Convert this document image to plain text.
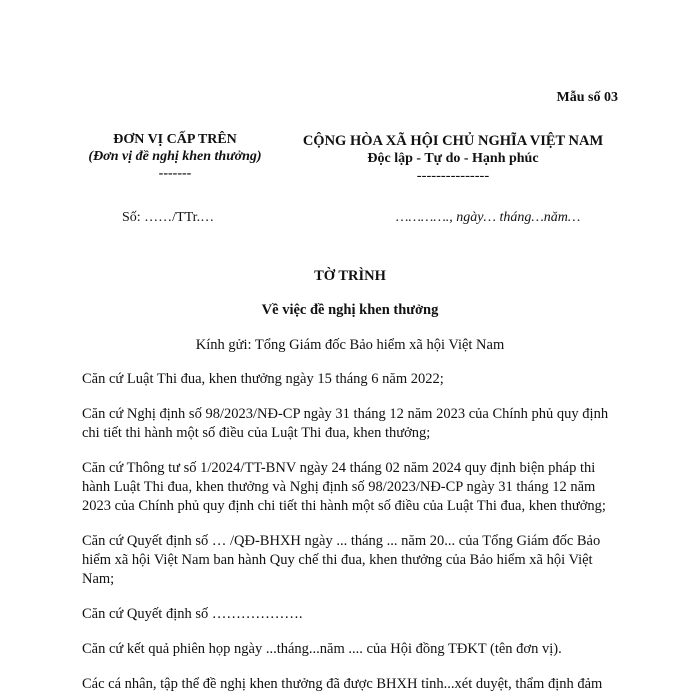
Mẫu số 03
ĐƠN VỊ CẤP TRÊN
(Đơn vị đề nghị khen thưởng)
-------
CỘNG HÒA XÃ HỘI CHỦ NGHĨA VIỆT NAM
Độc lập - Tự do - Hạnh phúc
---------------
Số: ……/TTr.…	…………., ngày… tháng…năm…
TỜ TRÌNH
Về việc đề nghị khen thưởng
Kính gửi: Tổng Giám đốc Bảo hiểm xã hội Việt Nam

Căn cứ Luật Thi đua, khen thưởng ngày 15 tháng 6 năm 2022;

Căn cứ Nghị định số 98/2023/NĐ-CP ngày 31 tháng 12 năm 2023 của Chính phủ quy định chi tiết thi hành một số điều của Luật Thi đua, khen thưởng;

Căn cứ Thông tư số 1/2024/TT-BNV ngày 24 tháng 02 năm 2024 quy định biện pháp thi hành Luật Thi đua, khen thưởng và Nghị định số 98/2023/NĐ-CP ngày 31 tháng 12 năm 2023 của Chính phủ quy định chi tiết thi hành một số điều của Luật Thi đua, khen thưởng;

Căn cứ Quyết định số … /QĐ-BHXH ngày ... tháng ... năm 20... của Tổng Giám đốc Bảo hiểm xã hội Việt Nam ban hành Quy chế thi đua, khen thưởng của Bảo hiểm xã hội Việt Nam;

Căn cứ Quyết định số ……………….

Căn cứ kết quả phiên họp ngày ...tháng...năm .... của Hội đồng TĐKT (tên đơn vị).

Các cá nhân, tập thể đề nghị khen thưởng đã được BHXH tỉnh...xét duyệt, thẩm định đảm
